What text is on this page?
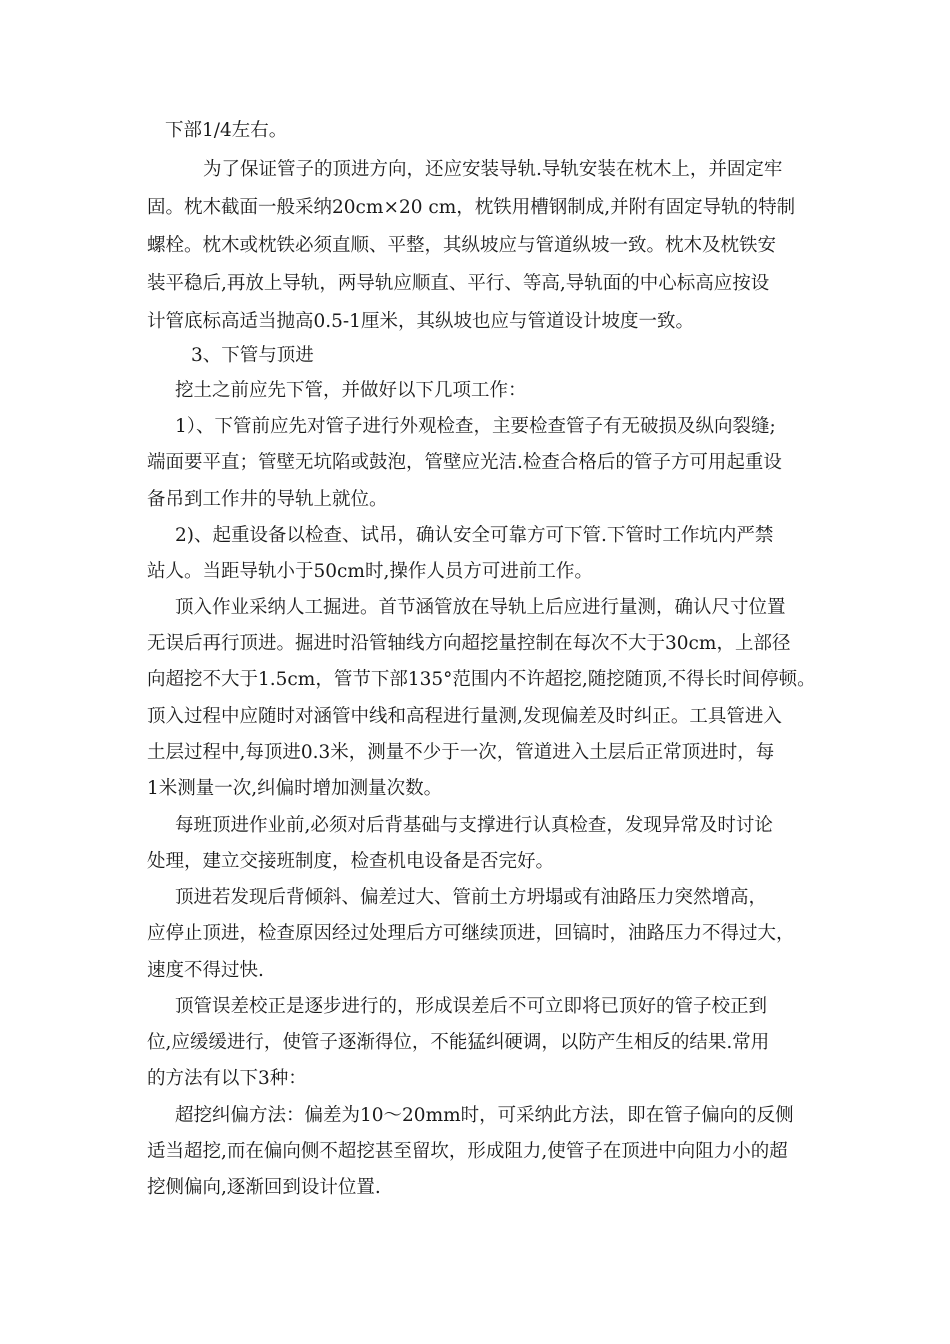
下部1/4左右。

为了保证管子的顶进方向，还应安装导轨.导轨安装在枕木上，并固定牢

固。枕木截面一般采纳20cm×20 cm，枕铁用槽钢制成,并附有固定导轨的特制

螺栓。枕木或枕铁必须直顺、平整，其纵坡应与管道纵坡一致。枕木及枕铁安

装平稳后,再放上导轨，两导轨应顺直、平行、等高,导轨面的中心标高应按设

计管底标高适当抛高0.5-1厘米，其纵坡也应与管道设计坡度一致。

3、下管与顶进

挖土之前应先下管，并做好以下几项工作：

1）、下管前应先对管子进行外观检查，主要检查管子有无破损及纵向裂缝;

端面要平直；管壁无坑陷或鼓泡，管壁应光洁.检查合格后的管子方可用起重设

备吊到工作井的导轨上就位。

2)、起重设备以检查、试吊，确认安全可靠方可下管.下管时工作坑内严禁

站人。当距导轨小于50cm时,操作人员方可进前工作。

顶入作业采纳人工掘进。首节涵管放在导轨上后应进行量测，确认尺寸位置

无误后再行顶进。掘进时沿管轴线方向超挖量控制在每次不大于30cm，上部径

向超挖不大于1.5cm，管节下部135°范围内不许超挖,随挖随顶,不得长时间停顿。

顶入过程中应随时对涵管中线和高程进行量测,发现偏差及时纠正。工具管进入

土层过程中,每顶进0.3米，测量不少于一次，管道进入土层后正常顶进时，每

1米测量一次,纠偏时增加测量次数。

每班顶进作业前,必须对后背基础与支撑进行认真检查，发现异常及时讨论

处理，建立交接班制度，检查机电设备是否完好。

顶进若发现后背倾斜、偏差过大、管前土方坍塌或有油路压力突然增高，

应停止顶进，检查原因经过处理后方可继续顶进，回镐时，油路压力不得过大，

速度不得过快.

顶管误差校正是逐步进行的，形成误差后不可立即将已顶好的管子校正到

位,应缓缓进行，使管子逐渐得位，不能猛纠硬调，以防产生相反的结果.常用

的方法有以下3种：

超挖纠偏方法：偏差为10～20mm时，可采纳此方法，即在管子偏向的反侧

适当超挖,而在偏向侧不超挖甚至留坎，形成阻力,使管子在顶进中向阻力小的超

挖侧偏向,逐渐回到设计位置.
